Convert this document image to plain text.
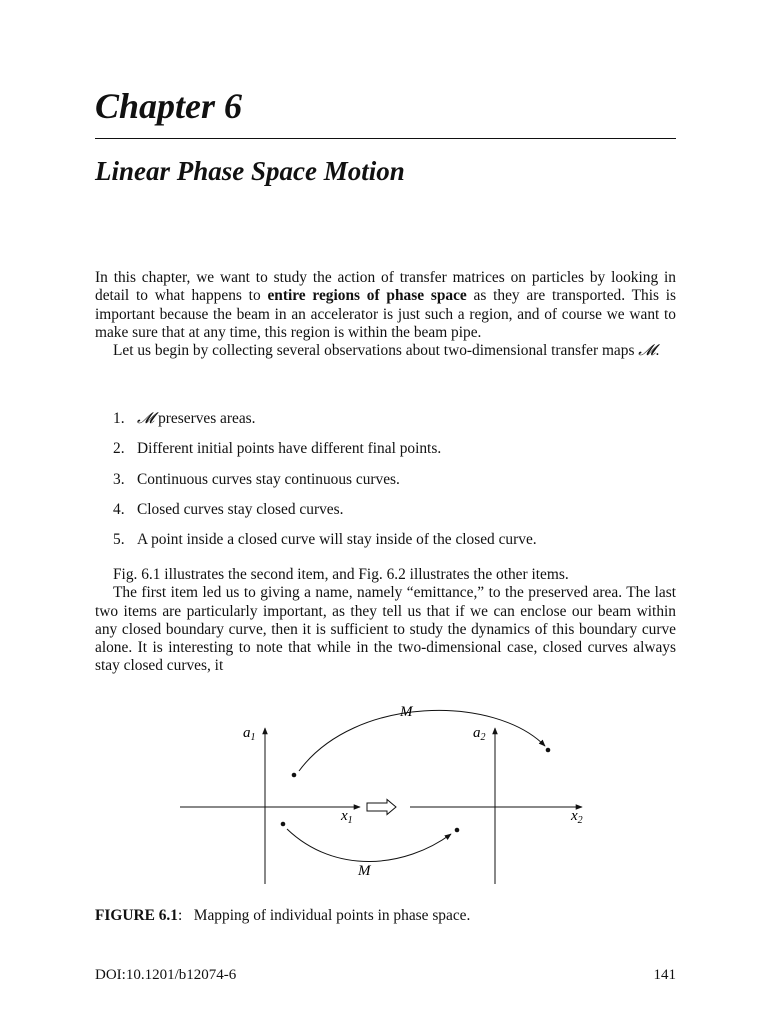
Chapter 6
Linear Phase Space Motion

In this chapter, we want to study the action of transfer matrices on particles by looking in detail to what happens to entire regions of phase space as they are transported. This is important because the beam in an accelerator is just such a region, and of course we want to make sure that at any time, this region is within the beam pipe.

Let us begin by collecting several observations about two-dimensional transfer maps 𝓜.

1. 𝓜 preserves areas.
2. Different initial points have different final points.
3. Continuous curves stay continuous curves.
4. Closed curves stay closed curves.
5. A point inside a closed curve will stay inside of the closed curve.

Fig. 6.1 illustrates the second item, and Fig. 6.2 illustrates the other items.

The first item led us to giving a name, namely “emittance,” to the preserved area. The last two items are particularly important, as they tell us that if we can enclose our beam within any closed boundary curve, then it is sufficient to study the dynamics of this boundary curve alone. It is interesting to note that while in the two-dimensional case, closed curves always stay closed curves, it

M
M
$a_1$	$a_2$
$x_1$	$x_2$

FIGURE 6.1: Mapping of individual points in phase space.

DOI:10.1201/b12074-6	141
